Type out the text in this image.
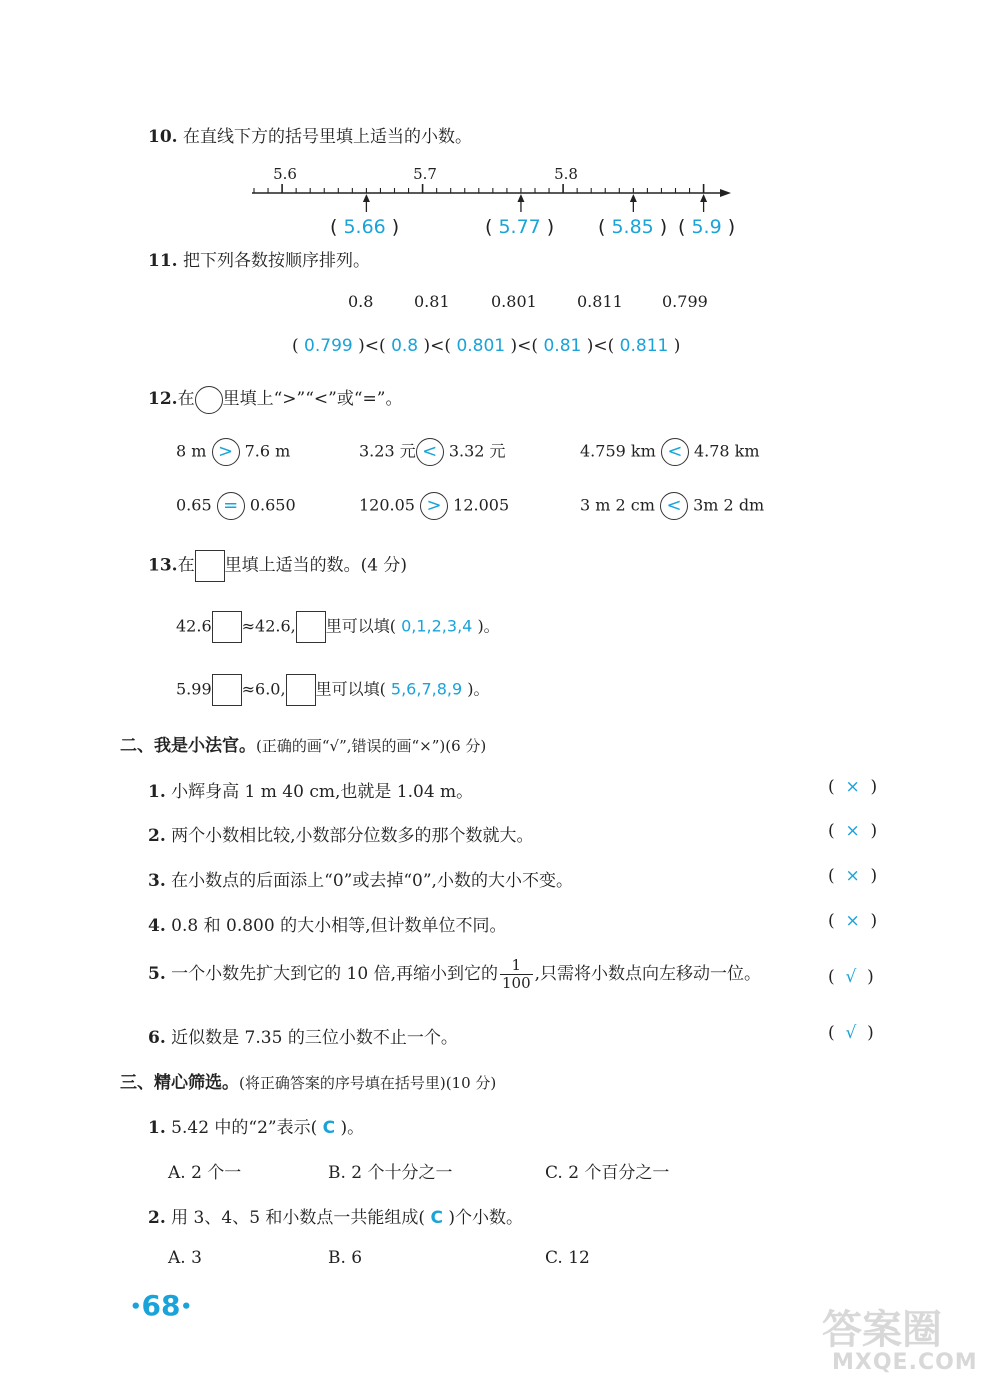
10. 在直线下方的括号里填上适当的小数。
5.6	5.7	5.8
( 5.66 )	( 5.77 ) ( 5.85 ) ( 5.9 )
11. 把下列各数按顺序排列。
0.8	0.81	0.801	0.811 0.799
( 0.799 )<( 0.8 )<( 0.801 )<( 0.81 )<( 0.811 )
12.在 里填上“>”“<”或“=”。
8 m > 7.6 m	3.23 元 < 3.32 元	4.759 km < 4.78 km
0.65 = 0.650	120.05 > 12.005	3 m 2 cm < 3m 2 dm
13.在 里填上适当的数。(4 分)
42.6 ≈42.6, 里可以填( 0,1,2,3,4 )。
5.99 ≈6.0, 里可以填( 5,6,7,8,9 )。
二、我是小法官。(正确的画“√”,错误的画“×”)(6 分)
1. 小辉身高 1 m 40 cm,也就是 1.04 m。	(  ×  )
2. 两个小数相比较,小数部分位数多的那个数就大。	(  ×  )
3. 在小数点的后面添上“0”或去掉“0”,小数的大小不变。	(  ×  )
4. 0.8 和 0.800 的大小相等,但计数单位不同。	(  ×  )
5. 一个小数先扩大到它的 10 倍,再缩小到它的 $\frac{1}{100}$ ,只需将小数点向左移动一位。	(  √  )
6. 近似数是 7.35 的三位小数不止一个。	(  √  )
三、精心筛选。(将正确答案的序号填在括号里)(10 分)
1. 5.42 中的“2”表示( C )。
A. 2 个一	B. 2 个十分之一	C. 2 个百分之一
2. 用 3、4、5 和小数点一共能组成( C )个小数。
A. 3	B. 6	C. 12
•68•	答案圈
MXQE.COM
